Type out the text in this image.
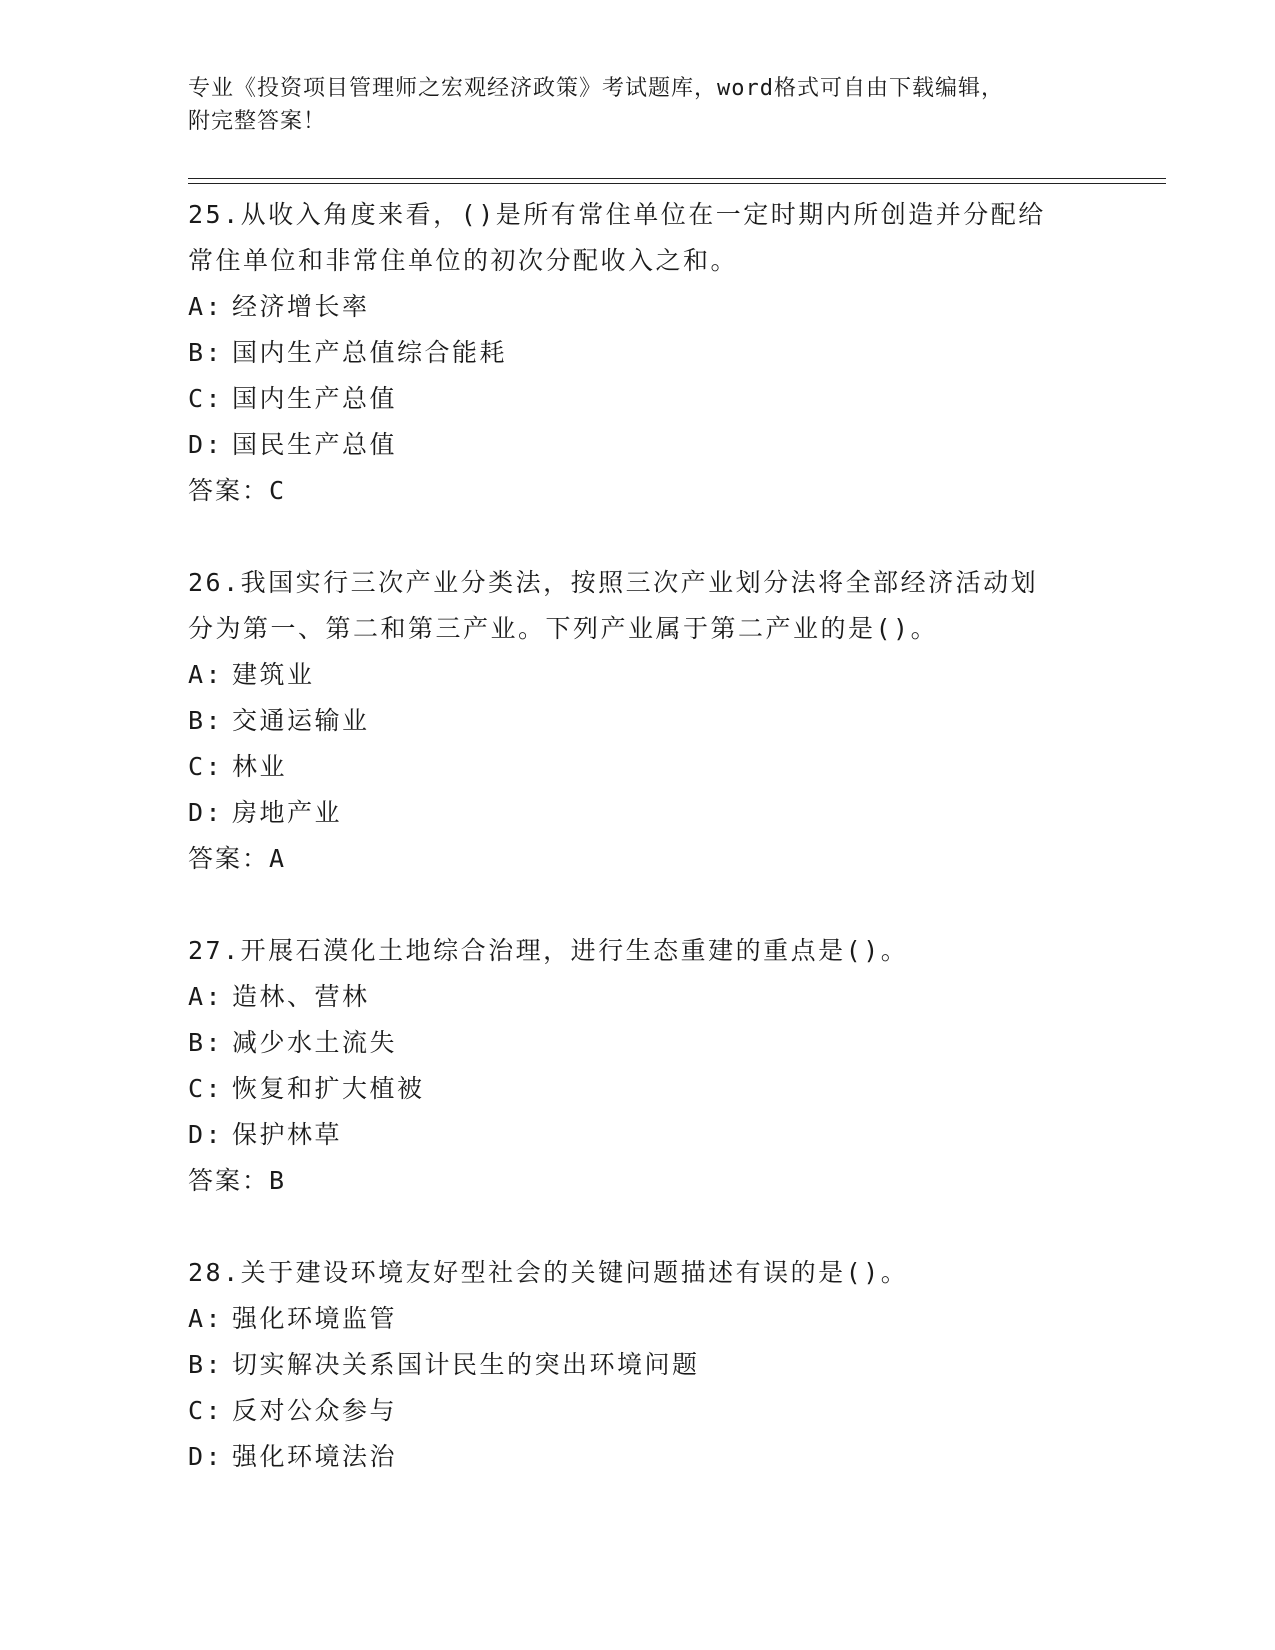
专业《投资项目管理师之宏观经济政策》考试题库，word格式可自由下载编辑，
附完整答案！
25.从收入角度来看，()是所有常住单位在一定时期内所创造并分配给
常住单位和非常住单位的初次分配收入之和。
A: 经济增长率
B: 国内生产总值综合能耗
C: 国内生产总值
D: 国民生产总值
答案：C
26.我国实行三次产业分类法，按照三次产业划分法将全部经济活动划
分为第一、第二和第三产业。下列产业属于第二产业的是()。
A: 建筑业
B: 交通运输业
C: 林业
D: 房地产业
答案：A
27.开展石漠化土地综合治理，进行生态重建的重点是()。
A: 造林、营林
B: 减少水土流失
C: 恢复和扩大植被
D: 保护林草
答案：B
28.关于建设环境友好型社会的关键问题描述有误的是()。
A: 强化环境监管
B: 切实解决关系国计民生的突出环境问题
C: 反对公众参与
D: 强化环境法治
